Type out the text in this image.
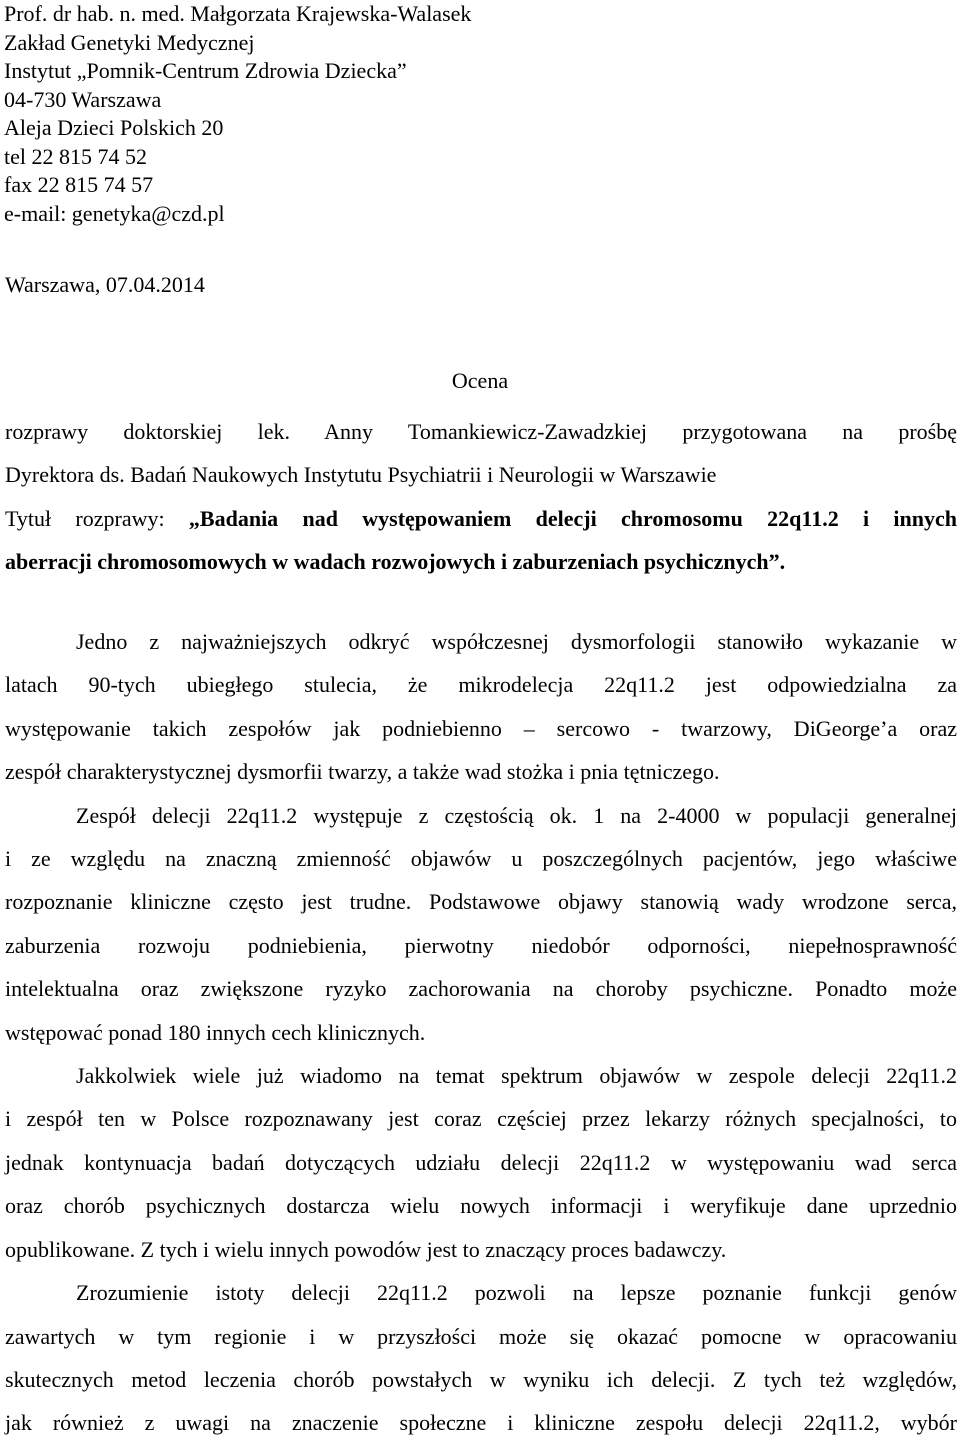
Prof. dr hab. n. med. Małgorzata Krajewska-Walasek
Zakład Genetyki Medycznej
Instytut „Pomnik-Centrum Zdrowia Dziecka”
04-730 Warszawa
Aleja Dzieci Polskich 20
tel 22 815 74 52
fax 22 815 74 57
e-mail: genetyka@czd.pl
Warszawa, 07.04.2014
Ocena
rozprawy doktorskiej lek. Anny Tomankiewicz-Zawadzkiej przygotowana na prośbę
Dyrektora ds. Badań Naukowych Instytutu Psychiatrii i Neurologii w Warszawie
Tytuł rozprawy: „Badania nad występowaniem delecji chromosomu 22q11.2 i innych
aberracji chromosomowych w wadach rozwojowych i zaburzeniach psychicznych”.
Jedno z najważniejszych odkryć współczesnej dysmorfologii stanowiło wykazanie w
latach 90-tych ubiegłego stulecia, że mikrodelecja 22q11.2 jest odpowiedzialna za
występowanie takich zespołów jak podniebienno – sercowo - twarzowy, DiGeorge’a oraz
zespół charakterystycznej dysmorfii twarzy, a także wad stożka i pnia tętniczego.
Zespół delecji 22q11.2 występuje z częstością ok. 1 na 2-4000 w populacji generalnej
i ze względu na znaczną zmienność objawów u poszczególnych pacjentów, jego właściwe
rozpoznanie kliniczne często jest trudne. Podstawowe objawy stanowią wady wrodzone serca,
zaburzenia rozwoju podniebienia, pierwotny niedobór odporności, niepełnosprawność
intelektualna oraz zwiększone ryzyko zachorowania na choroby psychiczne. Ponadto może
wstępować ponad 180 innych cech klinicznych.
Jakkolwiek wiele już wiadomo na temat spektrum objawów w zespole delecji 22q11.2
i zespół ten w Polsce rozpoznawany jest coraz częściej przez lekarzy różnych specjalności, to
jednak kontynuacja badań dotyczących udziału delecji 22q11.2 w występowaniu wad serca
oraz chorób psychicznych dostarcza wielu nowych informacji i weryfikuje dane uprzednio
opublikowane. Z tych i wielu innych powodów jest to znaczący proces badawczy.
Zrozumienie istoty delecji 22q11.2 pozwoli na lepsze poznanie funkcji genów
zawartych w tym regionie i w przyszłości może się okazać pomocne w opracowaniu
skutecznych metod leczenia chorób powstałych w wyniku ich delecji. Z tych też względów,
jak również z uwagi na znaczenie społeczne i kliniczne zespołu delecji 22q11.2, wybór
